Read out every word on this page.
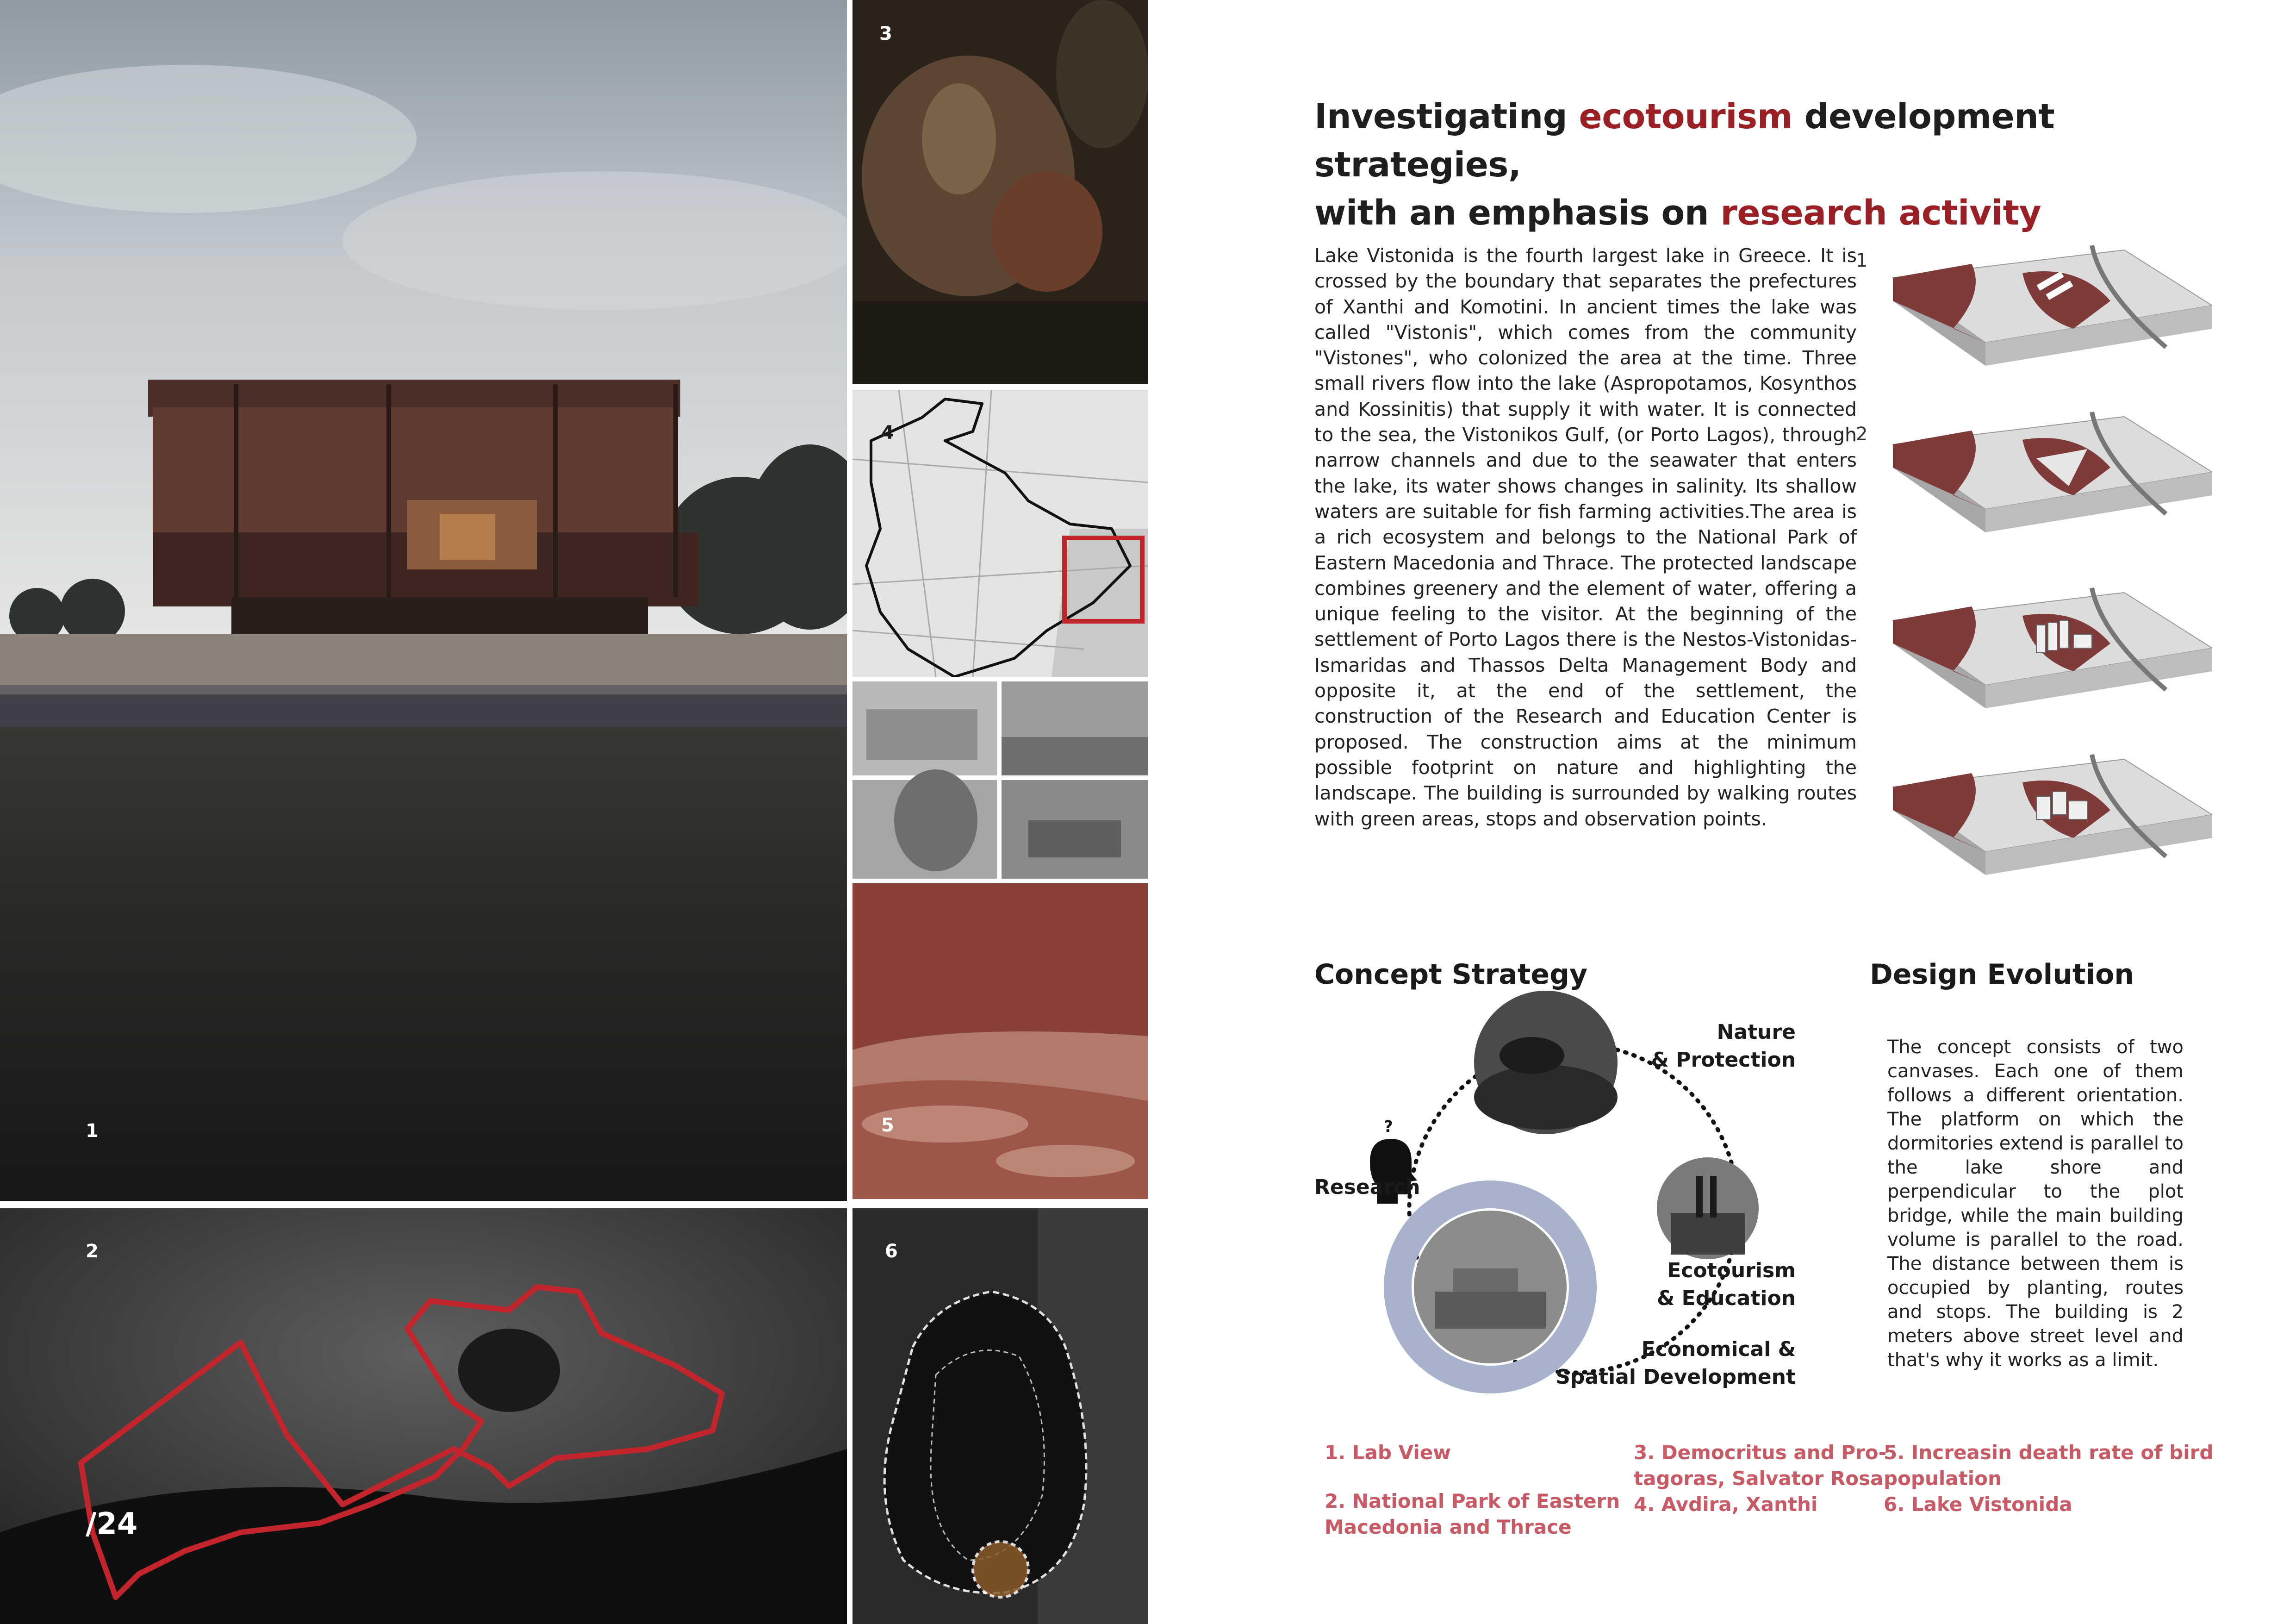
1
2
/24
3
4
5
6
Investigating ecotourism development strategies,
with an emphasis on research activity
Lake Vistonida is the fourth largest lake in Greece. It is crossed by the boundary that separates the prefectures of Xanthi and Komotini. In ancient times the lake was called "Vistonis", which comes from the community "Vistones", who colonized the area at the time. Three small rivers flow into the lake (Aspropotamos, Kosynthos and Kossinitis) that supply it with water. It is connected to the sea, the Vistonikos Gulf, (or Porto Lagos), through narrow channels and due to the seawater that enters the lake, its water shows changes in salinity. Its shallow waters are suitable for fish farming activities.The area is a rich ecosystem and belongs to the National Park of Eastern Macedonia and Thrace. The protected landscape combines greenery and the element of water, offering a unique feeling to the visitor. At the beginning of the settlement of Porto Lagos there is the Nestos-Vistonidas-Ismaridas and Thassos Delta Management Body and opposite it, at the end of the settlement, the construction of the Research and Education Center is proposed. The construction aims at the minimum possible footprint on nature and highlighting the landscape. The building is surrounded by walking routes with green areas, stops and observation points.
1
2
Concept Strategy
?
Nature
& Protection
Research
Ecotourism
& Education
Economical &
Spatial Development
Design Evolution
The concept consists of two canvases. Each one of them follows a different orientation. The platform on which the dormitories extend is parallel to the lake shore and perpendicular to the plot bridge, while the main building volume is parallel to the road. The distance between them is occupied by planting, routes and stops. The building is 2 meters above street level and that's why it works as a limit.
1. Lab View
2. National Park of Eastern
Macedonia and Thrace
3. Democritus and Pro-
tagoras, Salvator Rosa
4. Avdira, Xanthi
5. Increasin death rate of bird
population
6. Lake Vistonida
